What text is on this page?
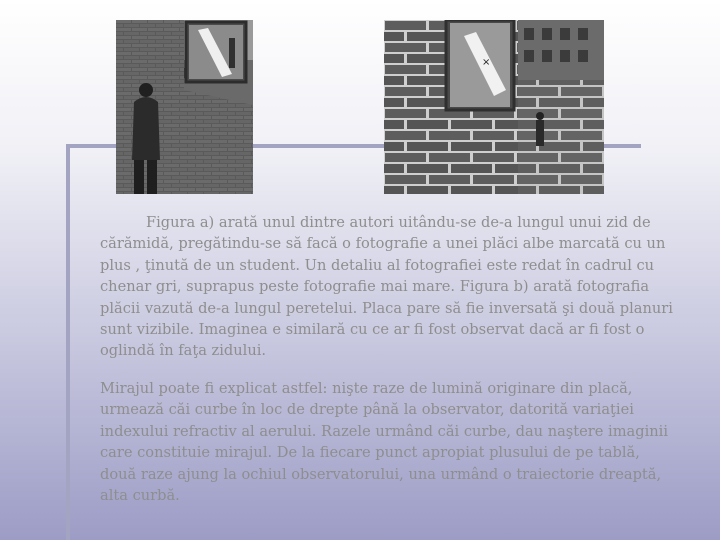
×

Figura a) arată unul dintre autori uitându-se de-a lungul unui zid de cărămidă, pregătindu-se să facă o fotografie a unei plăci albe marcată cu un plus , ţinută de un student. Un detaliu al fotografiei este redat în cadrul cu chenar gri, suprapus peste fotografie mai mare. Figura b) arată fotografia plăcii vazută de-a lungul peretelui. Placa pare să fie inversată şi două planuri sunt vizibile. Imaginea e similară cu ce ar fi fost observat dacă ar fi fost o oglindă în faţa zidului.

Mirajul poate fi explicat astfel: nişte raze de lumină originare din placă, urmează căi curbe în loc de drepte până la observator, datorită variaţiei indexului refractiv al aerului. Razele urmând căi curbe, dau naştere imaginii care constituie mirajul. De la fiecare punct apropiat plusului de pe tablă, două raze ajung la ochiul observatorului, una urmând o traiectorie dreaptă, alta curbă.
